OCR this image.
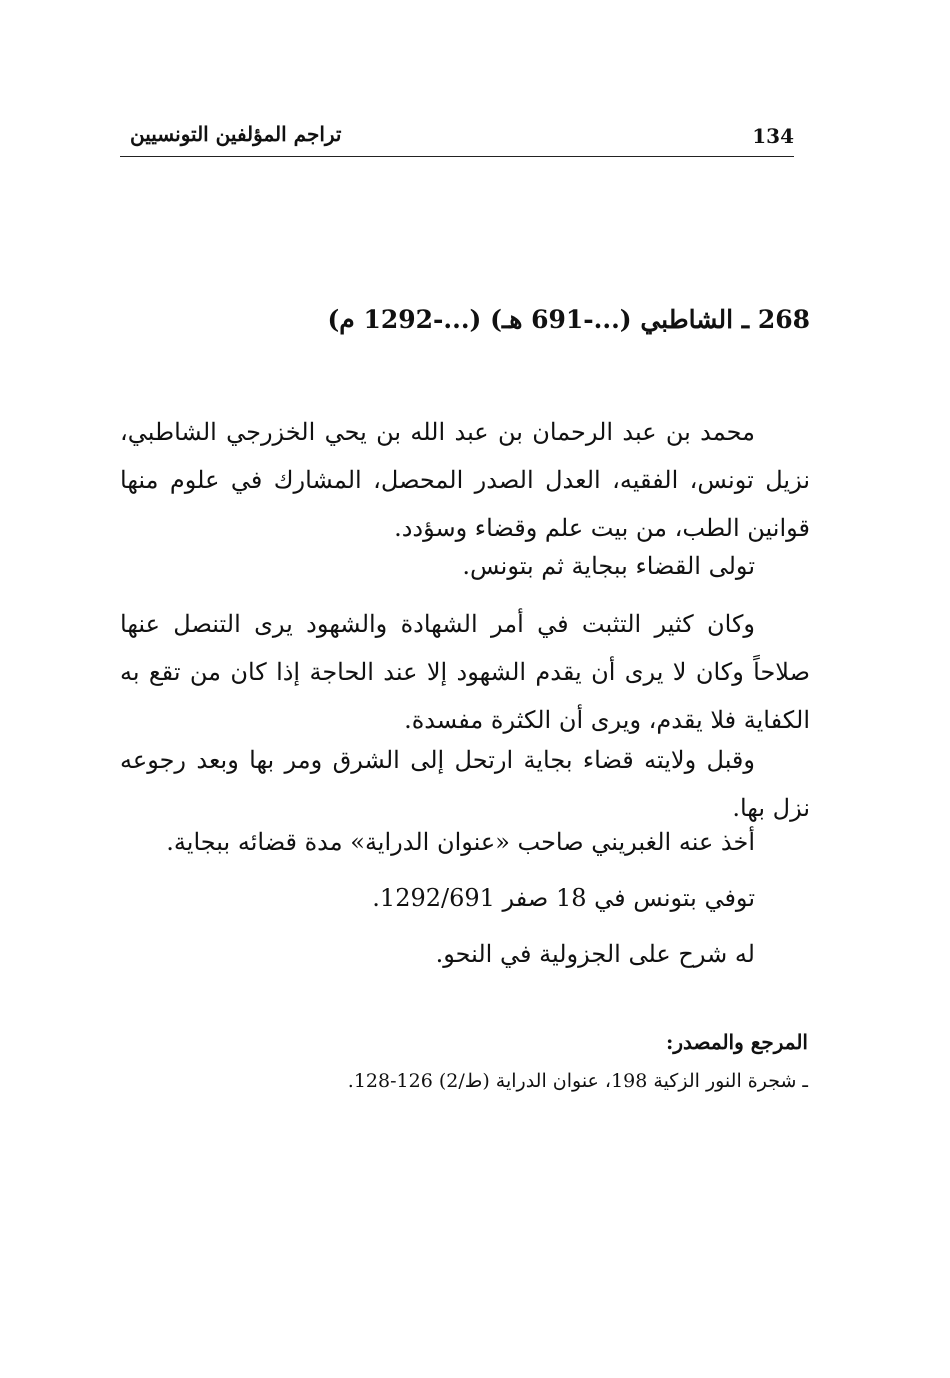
134
تراجم المؤلفين التونسيين
268 ـ الشاطبي (...-691 هـ) (...-1292 م)

محمد بن عبد الرحمان بن عبد الله بن يحي الخزرجي الشاطبي، نزيل تونس، الفقيه، العدل الصدر المحصل، المشارك في علوم منها قوانين الطب، من بيت علم وقضاء وسؤدد.

تولى القضاء ببجاية ثم بتونس.

وكان كثير التثبت في أمر الشهادة والشهود يرى التنصل عنها صلاحاً وكان لا يرى أن يقدم الشهود إلا عند الحاجة إذا كان من تقع به الكفاية فلا يقدم، ويرى أن الكثرة مفسدة.

وقبل ولايته قضاء بجاية ارتحل إلى الشرق ومر بها وبعد رجوعه نزل بها.

أخذ عنه الغبريني صاحب «عنوان الدراية» مدة قضائه ببجاية.

توفي بتونس في 18 صفر 1292/691.

له شرح على الجزولية في النحو.

المرجع والمصدر:
ـ شجرة النور الزكية 198، عنوان الدراية (ط/2) 126-128.
